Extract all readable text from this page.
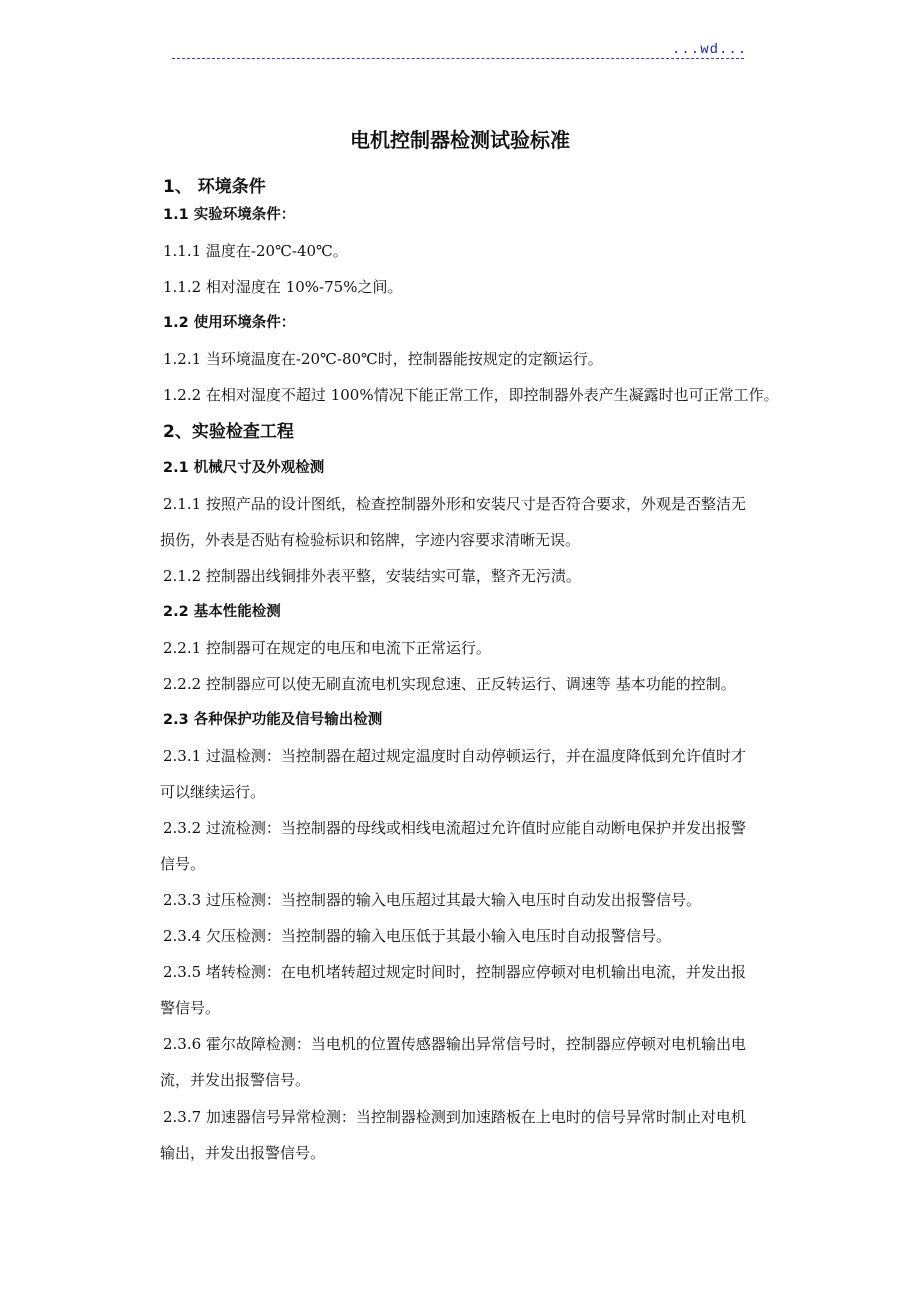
...wd...
电机控制器检测试验标准
1、 环境条件
1.1 实验环境条件：
1.1.1 温度在-20℃-40℃。
1.1.2 相对湿度在 10%-75%之间。
1.2 使用环境条件：
1.2.1 当环境温度在-20℃-80℃时，控制器能按规定的定额运行。
1.2.2 在相对湿度不超过 100%情况下能正常工作，即控制器外表产生凝露时也可正常工作。
2、实验检查工程
2.1 机械尺寸及外观检测
2.1.1 按照产品的设计图纸，检查控制器外形和安装尺寸是否符合要求，外观是否整洁无
损伤，外表是否贴有检验标识和铭牌，字迹内容要求清晰无误。
2.1.2 控制器出线铜排外表平整，安装结实可靠，整齐无污渍。
2.2 基本性能检测
2.2.1 控制器可在规定的电压和电流下正常运行。
2.2.2 控制器应可以使无刷直流电机实现怠速、正反转运行、调速等 基本功能的控制。
2.3 各种保护功能及信号输出检测
2.3.1 过温检测：当控制器在超过规定温度时自动停顿运行，并在温度降低到允许值时才
可以继续运行。
2.3.2 过流检测：当控制器的母线或相线电流超过允许值时应能自动断电保护并发出报警
信号。
2.3.3 过压检测：当控制器的输入电压超过其最大输入电压时自动发出报警信号。
2.3.4 欠压检测：当控制器的输入电压低于其最小输入电压时自动报警信号。
2.3.5 堵转检测：在电机堵转超过规定时间时，控制器应停顿对电机输出电流，并发出报
警信号。
2.3.6 霍尔故障检测：当电机的位置传感器输出异常信号时，控制器应停顿对电机输出电
流，并发出报警信号。
2.3.7 加速器信号异常检测：当控制器检测到加速踏板在上电时的信号异常时制止对电机
输出，并发出报警信号。
